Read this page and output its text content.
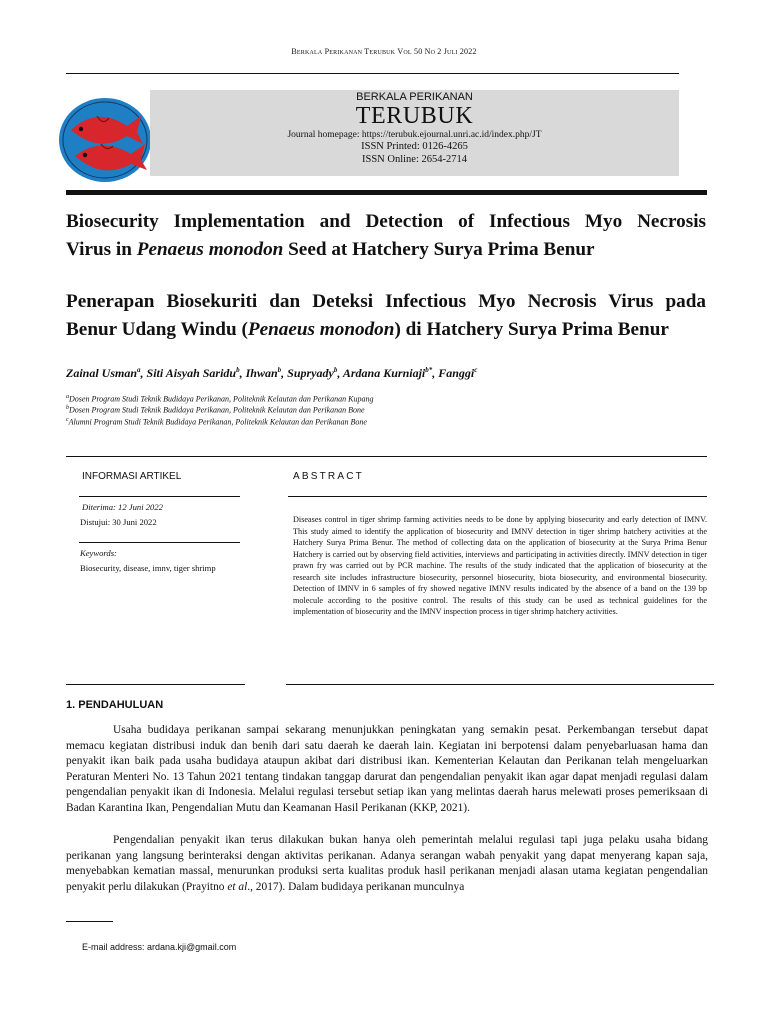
Berkala Perikanan Terubuk Vol 50 No 2 Juli 2022
BERKALA PERIKANAN
TERUBUK
Journal homepage: https://terubuk.ejournal.unri.ac.id/index.php/JT
ISSN Printed: 0126-4265
ISSN Online: 2654-2714
Biosecurity Implementation and Detection of Infectious Myo Necrosis
Virus in Penaeus monodon Seed at Hatchery Surya Prima Benur
Penerapan Biosekuriti dan Deteksi Infectious Myo Necrosis Virus pada
Benur Udang Windu (Penaeus monodon) di Hatchery Surya Prima Benur
Zainal Usman$^a$, Siti Aisyah Saridu$^b$, Ihwan$^b$, Supryady$^b$, Ardana Kurniaji$^{b*}$, Fanggi$^c$
$^a$Dosen Program Studi Teknik Budidaya Perikanan, Politeknik Kelautan dan Perikanan Kupang
$^b$Dosen Program Studi Teknik Budidaya Perikanan, Politeknik Kelautan dan Perikanan Bone
$^c$Alumni Program Studi Teknik Budidaya Perikanan, Politeknik Kelautan dan Perikanan Bone
INFORMASI ARTIKEL
Diterima: 12 Juni 2022
Distujui: 30 Juni 2022
Keywords:
Biosecurity, disease, imnv, tiger shrimp
ABSTRACT
Diseases control in tiger shrimp farming activities needs to be done by applying biosecurity and early detection of IMNV. This study aimed to identify the application of biosecurity and IMNV detection in tiger shrimp hatchery activities at the Hatchery Surya Prima Benur. The method of collecting data on the application of biosecurity at the Surya Prima Benur Hatchery is carried out by observing field activities, interviews and participating in activities directly. IMNV detection in tiger prawn fry was carried out by PCR machine. The results of the study indicated that the application of biosecurity at the research site includes infrastructure biosecurity, personnel biosecurity, biota biosecurity, and environmental biosecurity. Detection of IMNV in 6 samples of fry showed negative IMNV results indicated by the absence of a band on the 139 bp molecule according to the positive control. The results of this study can be used as technical guidelines for the implementation of biosecurity and the IMNV inspection process in tiger shrimp hatchery activities.
1. PENDAHULUAN
Usaha budidaya perikanan sampai sekarang menunjukkan peningkatan yang semakin pesat. Perkembangan tersebut dapat memacu kegiatan distribusi induk dan benih dari satu daerah ke daerah lain. Kegiatan ini berpotensi dalam penyebarluasan hama dan penyakit ikan baik pada usaha budidaya ataupun akibat dari distribusi ikan. Kementerian Kelautan dan Perikanan telah mengeluarkan Peraturan Menteri No. 13 Tahun 2021 tentang tindakan tanggap darurat dan pengendalian penyakit ikan agar dapat menjadi regulasi dalam pengendalian penyakit ikan di Indonesia. Melalui regulasi tersebut setiap ikan yang melintas daerah harus melewati proses pemeriksaan di Badan Karantina Ikan, Pengendalian Mutu dan Keamanan Hasil Perikanan (KKP, 2021).
Pengendalian penyakit ikan terus dilakukan bukan hanya oleh pemerintah melalui regulasi tapi juga pelaku usaha bidang perikanan yang langsung berinteraksi dengan aktivitas perikanan. Adanya serangan wabah penyakit yang dapat menyerang kapan saja, menyebabkan kematian massal, menurunkan produksi serta kualitas produk hasil perikanan menjadi alasan utama kegiatan pengendalian penyakit perlu dilakukan (Prayitno et al., 2017). Dalam budidaya perikanan munculnya
E-mail address: ardana.kji@gmail.com
